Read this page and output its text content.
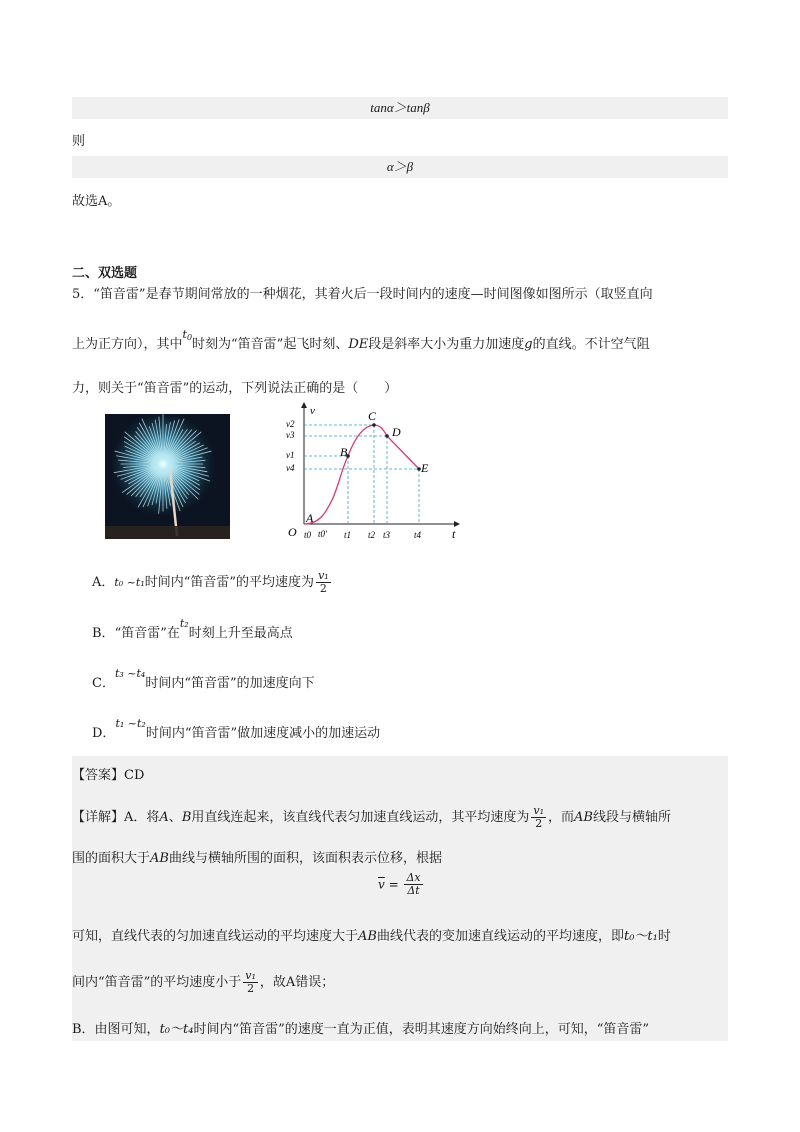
tanα＞tanβ
则
α＞β
故选A。
二、双选题
5．“笛音雷”是春节期间常放的一种烟花，其着火后一段时间内的速度—时间图像如图所示（取竖直向
上为正方向），其中$^{t_0}$时刻为“笛音雷”起飞时刻、DE段是斜率大小为重力加速度g的直线。不计空气阻
力，则关于“笛音雷”的运动，下列说法正确的是（　　）
v
t
O
A
B
C
D
E
v2
v3
v1
v4
t0 t0' t1 t2 t3	t4
A．t₀ ~t₁时间内“笛音雷”的平均速度为 $\frac{\text{v₁}}{2}$
B．“笛音雷”在$^{t_2}$时刻上升至最高点
C．$^{t_3 \sim t_4}$时间内“笛音雷”的加速度向下
D．$^{t_1 \sim t_2}$时间内“笛音雷”做加速度减小的加速运动
【答案】CD
【详解】A．将A、B用直线连起来，该直线代表匀加速直线运动，其平均速度为 $\frac{\text{v₁}}{2}$ ，而AB线段与横轴所
围的面积大于AB曲线与横轴所围的面积，该面积表示位移，根据
$\overline{v} = \frac{\Delta x}{\Delta t}$
可知，直线代表的匀加速直线运动的平均速度大于AB曲线代表的变加速直线运动的平均速度，即t₀～t₁时
间内“笛音雷”的平均速度小于 $\frac{\text{v₁}}{2}$ ，故A错误；
B．由图可知，t₀～t₄时间内“笛音雷”的速度一直为正值，表明其速度方向始终向上，可知，“笛音雷”
